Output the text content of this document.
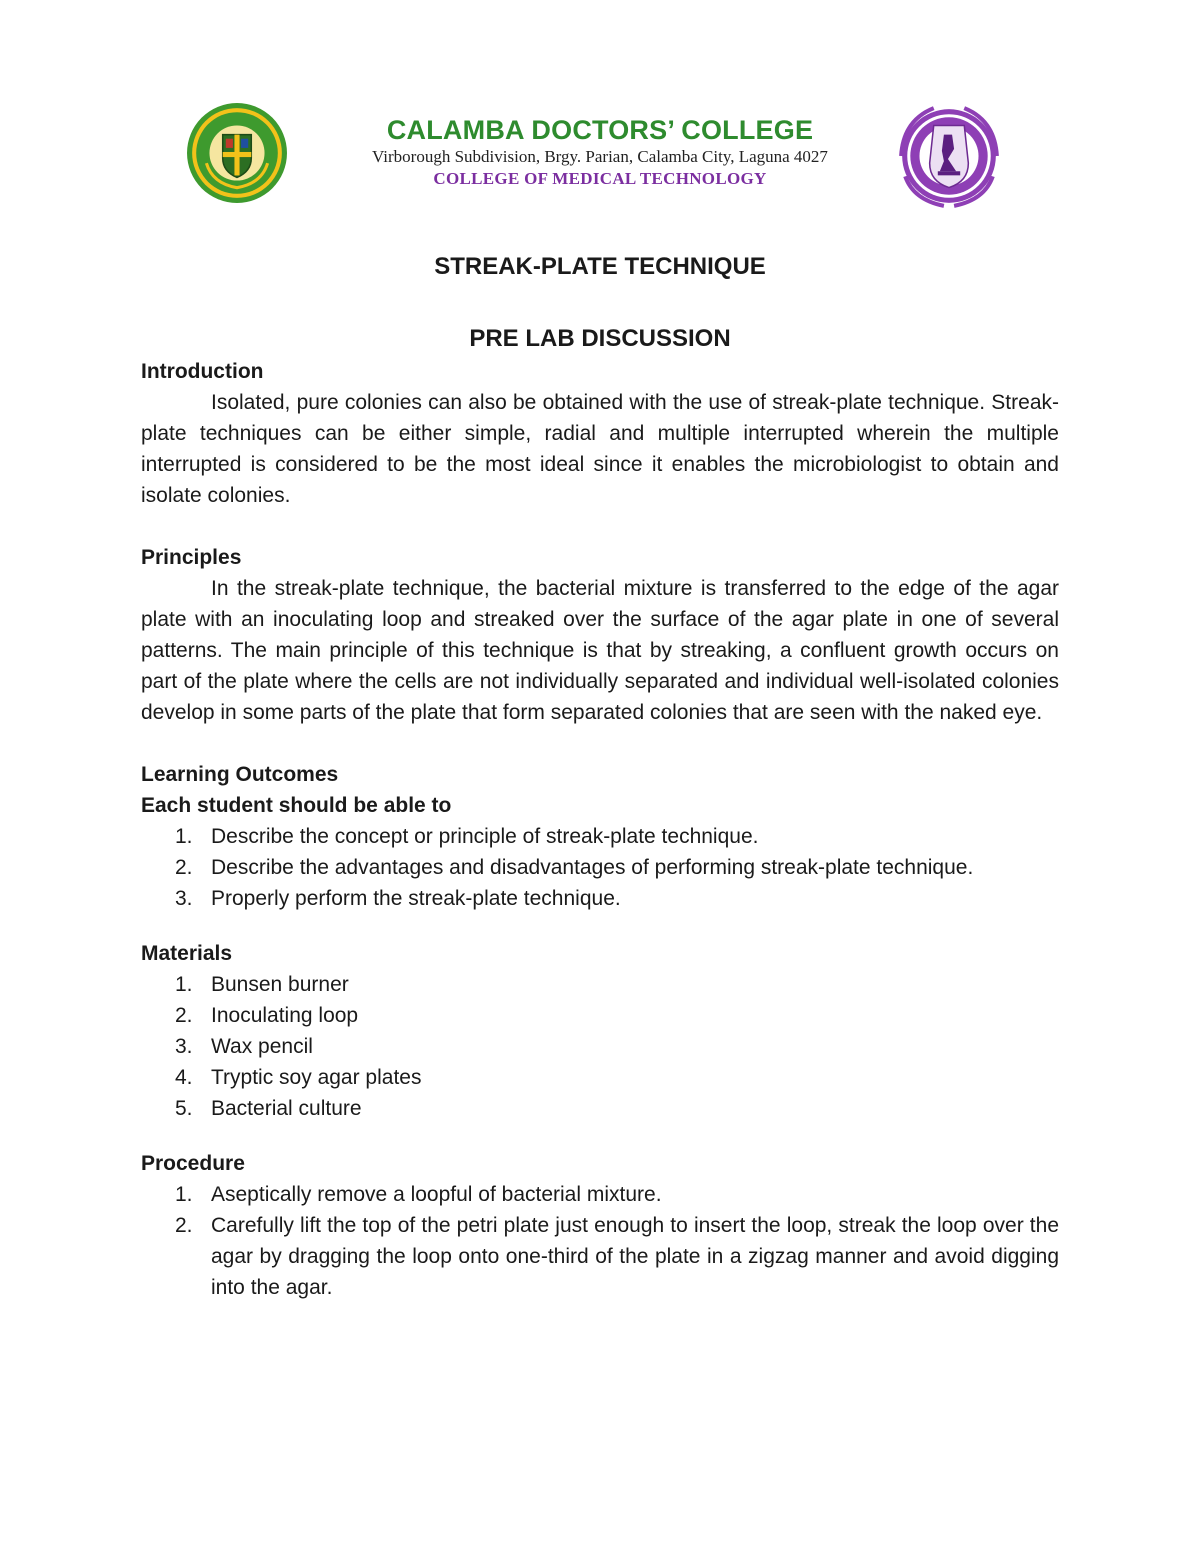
CALAMBA DOCTORS’ COLLEGE
Virborough Subdivision, Brgy. Parian, Calamba City, Laguna 4027
COLLEGE OF MEDICAL TECHNOLOGY
STREAK-PLATE TECHNIQUE
PRE LAB DISCUSSION
Introduction

Isolated, pure colonies can also be obtained with the use of streak-plate technique. Streak-plate techniques can be either simple, radial and multiple interrupted wherein the multiple interrupted is considered to be the most ideal since it enables the microbiologist to obtain and isolate colonies.

Principles

In the streak-plate technique, the bacterial mixture is transferred to the edge of the agar plate with an inoculating loop and streaked over the surface of the agar plate in one of several patterns. The main principle of this technique is that by streaking, a confluent growth occurs on part of the plate where the cells are not individually separated and individual well-isolated colonies develop in some parts of the plate that form separated colonies that are seen with the naked eye.

Learning Outcomes
Each student should be able to
1. Describe the concept or principle of streak-plate technique.
2. Describe the advantages and disadvantages of performing streak-plate technique.
3. Properly perform the streak-plate technique.
Materials
1. Bunsen burner
2. Inoculating loop
3. Wax pencil
4. Tryptic soy agar plates
5. Bacterial culture
Procedure
1. Aseptically remove a loopful of bacterial mixture.
2. Carefully lift the top of the petri plate just enough to insert the loop, streak the loop over the agar by dragging the loop onto one-third of the plate in a zigzag manner and avoid digging into the agar.
